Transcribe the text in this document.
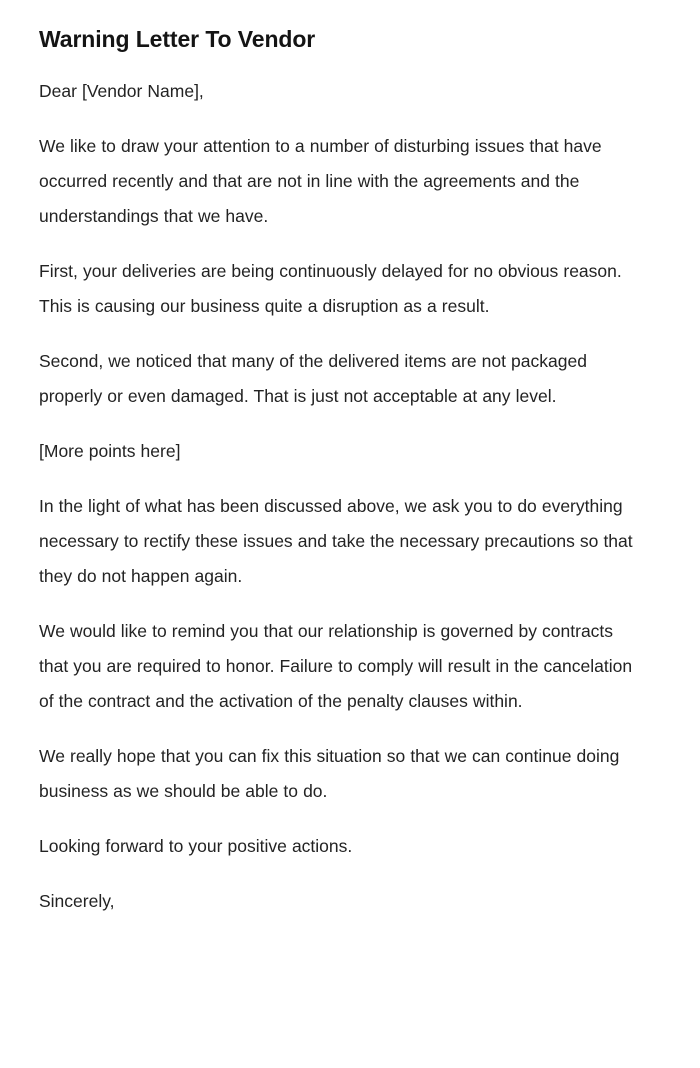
Warning Letter To Vendor

Dear [Vendor Name],

We like to draw your attention to a number of disturbing issues that have occurred recently and that are not in line with the agreements and the understandings that we have.

First, your deliveries are being continuously delayed for no obvious reason. This is causing our business quite a disruption as a result.

Second, we noticed that many of the delivered items are not packaged properly or even damaged. That is just not acceptable at any level.

[More points here]

In the light of what has been discussed above, we ask you to do everything necessary to rectify these issues and take the necessary precautions so that they do not happen again.

We would like to remind you that our relationship is governed by contracts that you are required to honor. Failure to comply will result in the cancelation of the contract and the activation of the penalty clauses within.

We really hope that you can fix this situation so that we can continue doing business as we should be able to do.

Looking forward to your positive actions.

Sincerely,
